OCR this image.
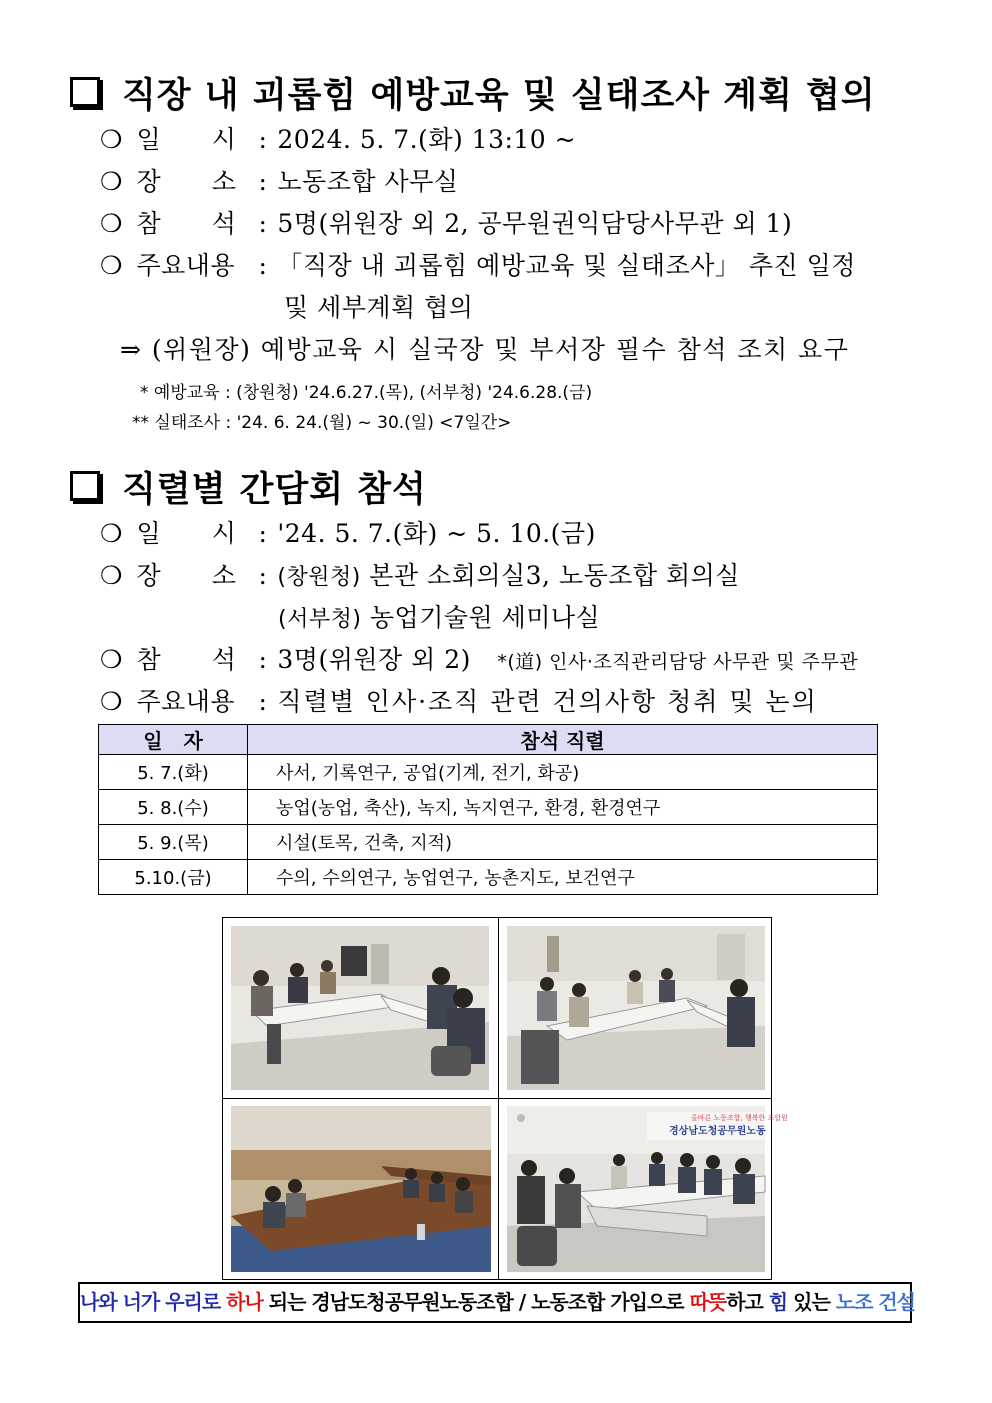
직장 내 괴롭힘 예방교육 및 실태조사 계획 협의
❍ 일      시 : 2024. 5. 7.(화) 13:10 ~
❍ 장      소 : 노동조합 사무실
❍ 참      석 : 5명(위원장 외 2, 공무원권익담당사무관 외 1)
❍ 주요내용 : 「직장 내 괴롭힘 예방교육 및 실태조사」 추진 일정
및 세부계획 협의
⇒ (위원장) 예방교육 시 실국장 및 부서장 필수 참석 조치 요구
* 예방교육 : (창원청) '24.6.27.(목), (서부청) '24.6.28.(금)
** 실태조사 : '24. 6. 24.(월) ~ 30.(일) <7일간>
직렬별 간담회 참석
❍ 일      시 : '24. 5. 7.(화) ~ 5. 10.(금)
❍ 장      소 : (창원청) 본관 소회의실3, 노동조합 회의실
(서부청) 농업기술원 세미나실
❍ 참      석 : 3명(위원장 외 2) *(道) 인사·조직관리담당 사무관 및 주무관
❍ 주요내용 : 직렬별 인사·조직 관련 건의사항 청취 및 논의
일   자	참석 직렬
5. 7.(화)	사서, 기록연구, 공업(기계, 전기, 화공)
5. 8.(수)	농업(농업, 축산), 녹지, 녹지연구, 환경, 환경연구
5. 9.(목)	시설(토목, 건축, 지적)
5.10.(금)	수의, 수의연구, 농업연구, 농촌지도, 보건연구
올바른 노동조합, 행복한 조합원
경상남도청공무원노동
나와 너가 우리로 하나 되는 경남도청공무원노동조합 / 노동조합 가입으로 따뜻하고 힘 있는 노조 건설
